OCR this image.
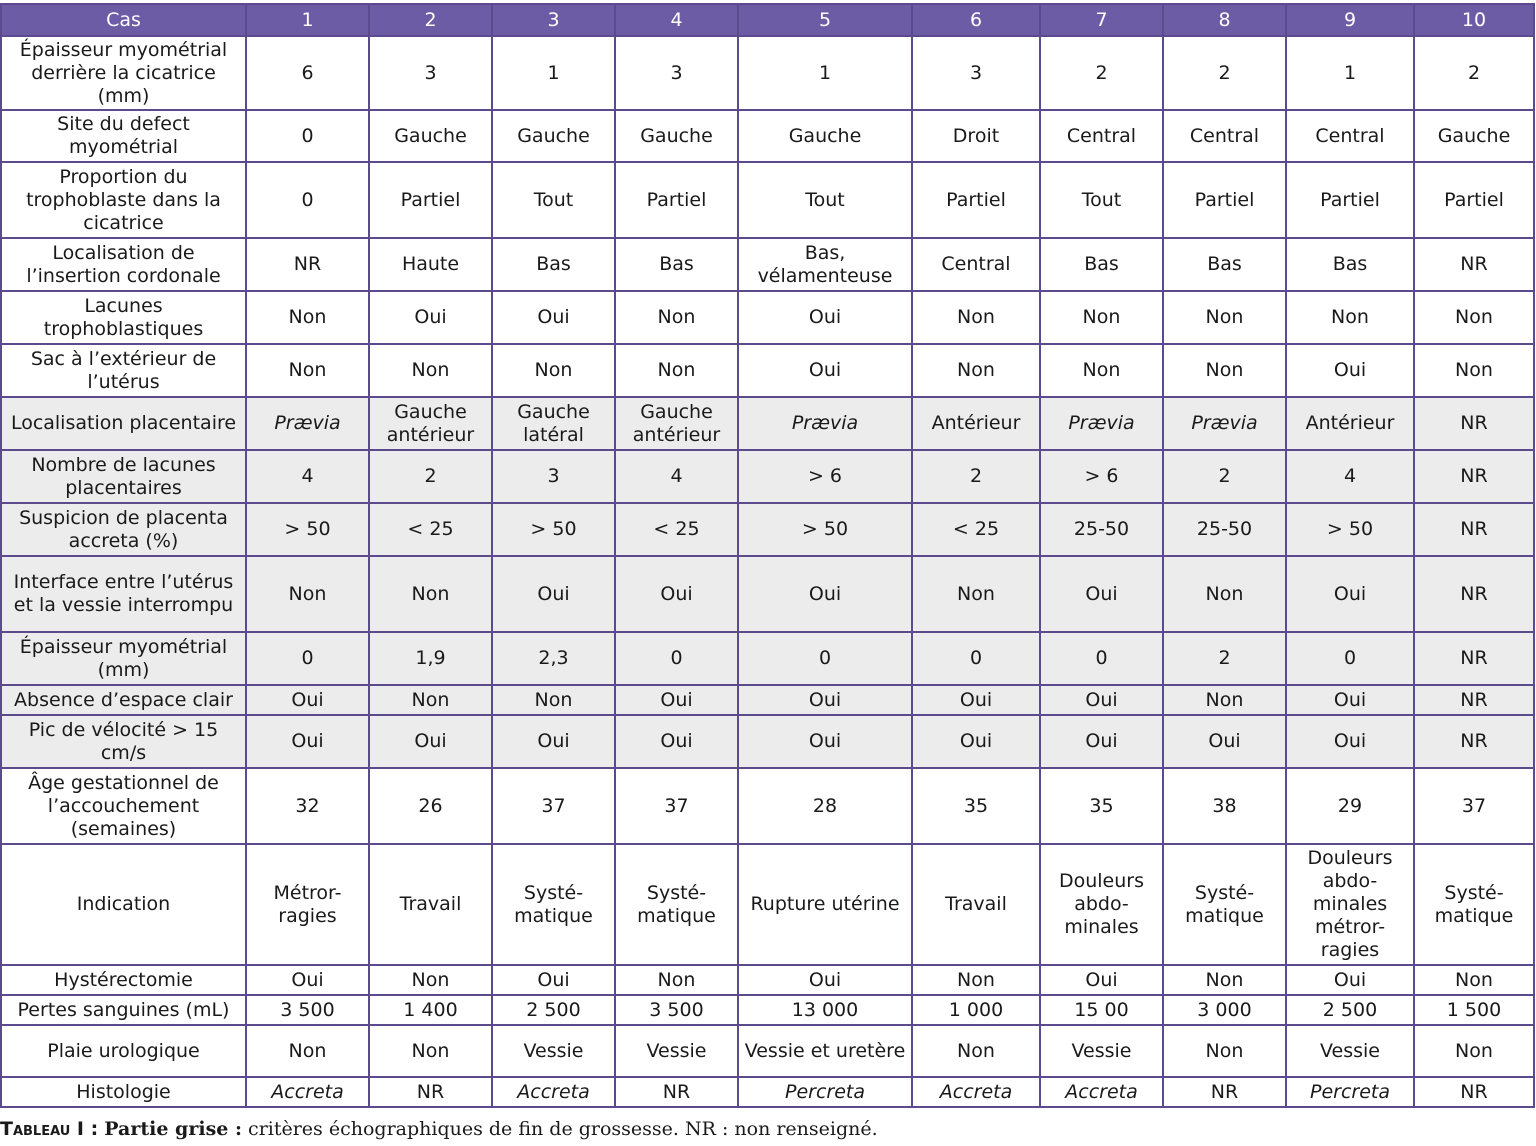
Cas	1	2	3	4	5	6	7	8	9	10
Épaisseur myométrial derrière la cicatrice (mm)	6	3	1	3	1	3	2	2	1	2
Site du defect myométrial	0	Gauche	Gauche	Gauche	Gauche	Droit	Central	Central	Central	Gauche
Proportion du trophoblaste dans la cicatrice	0	Partiel	Tout	Partiel	Tout	Partiel	Tout	Partiel	Partiel	Partiel
Localisation de l’insertion cordonale	NR	Haute	Bas	Bas	Bas, vélamenteuse	Central	Bas	Bas	Bas	NR
Lacunes trophoblastiques	Non	Oui	Oui	Non	Oui	Non	Non	Non	Non	Non
Sac à l’extérieur de l’utérus	Non	Non	Non	Non	Oui	Non	Non	Non	Oui	Non
Localisation placentaire	Prævia	Gauche antérieur	Gauche latéral	Gauche antérieur	Prævia	Antérieur	Prævia	Prævia	Antérieur	NR
Nombre de lacunes placentaires	4	2	3	4	> 6	2	> 6	2	4	NR
Suspicion de placenta accreta (%)	> 50	< 25	> 50	< 25	> 50	< 25	25-50	25-50	> 50	NR
Interface entre l’utérus et la vessie interrompu	Non	Non	Oui	Oui	Oui	Non	Oui	Non	Oui	NR
Épaisseur myométrial (mm)	0	1,9	2,3	0	0	0	0	2	0	NR
Absence d’espace clair	Oui	Non	Non	Oui	Oui	Oui	Oui	Non	Oui	NR
Pic de vélocité > 15 cm/s	Oui	Oui	Oui	Oui	Oui	Oui	Oui	Oui	Oui	NR
Âge gestationnel de l’accouchement (semaines)	32	26	37	37	28	35	35	38	29	37
Indication	Métror-ragies	Travail	Systé-matique	Systé-matique	Rupture utérine	Travail	Douleurs abdo-minales	Systé-matique	Douleurs abdo-minales métror-ragies	Systé-matique
Hystérectomie	Oui	Non	Oui	Non	Oui	Non	Oui	Non	Oui	Non
Pertes sanguines (mL)	3 500	1 400	2 500	3 500	13 000	1 000	15 00	3 000	2 500	1 500
Plaie urologique	Non	Non	Vessie	Vessie	Vessie et uretère	Non	Vessie	Non	Vessie	Non
Histologie	Accreta	NR	Accreta	NR	Percreta	Accreta	Accreta	NR	Percreta	NR
Tableau I : Partie grise : critères échographiques de fin de grossesse. NR : non renseigné.
